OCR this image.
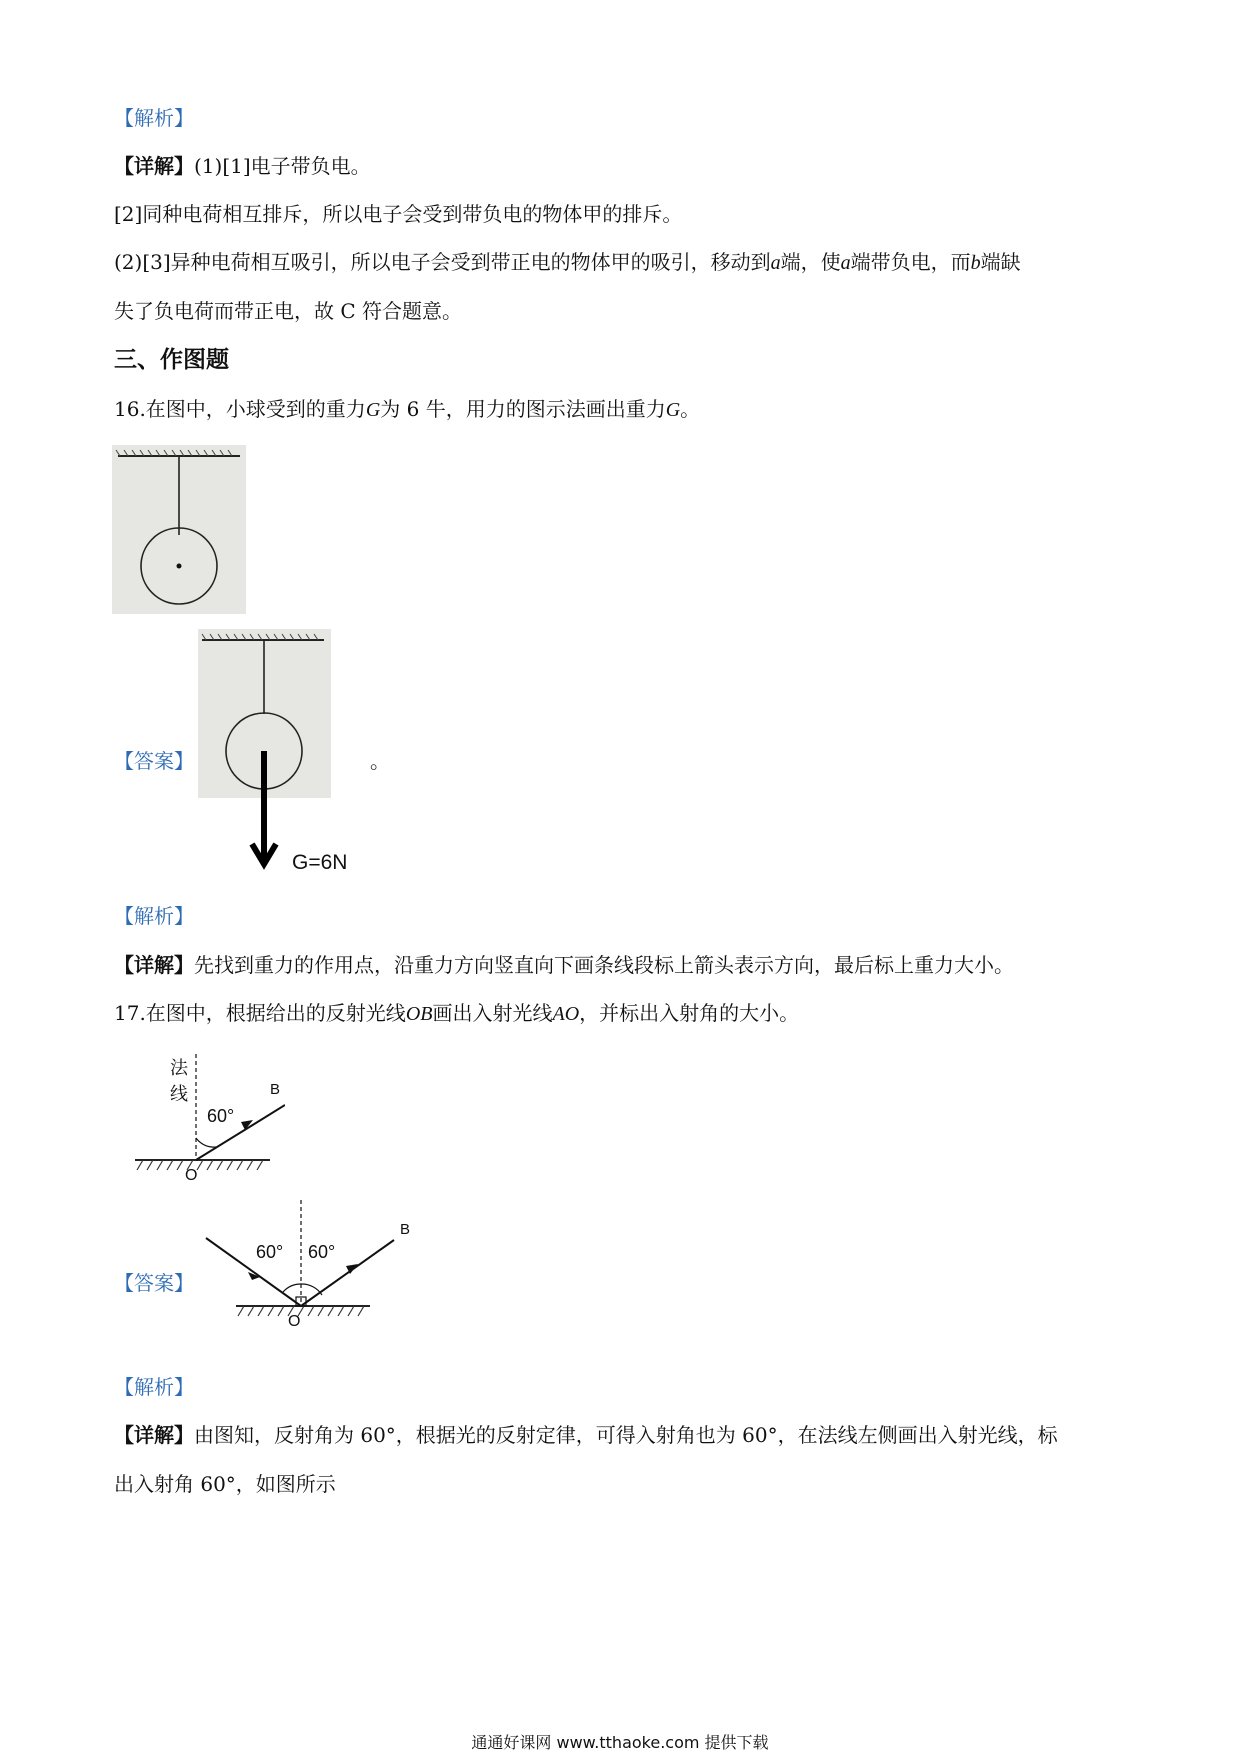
【解析】
【详解】(1)[1]电子带负电。
[2]同种电荷相互排斥，所以电子会受到带负电的物体甲的排斥。
(2)[3]异种电荷相互吸引，所以电子会受到带正电的物体甲的吸引，移动到a端，使a端带负电，而b端缺
失了负电荷而带正电，故 C 符合题意。
三、作图题
16.在图中，小球受到的重力G为 6 牛，用力的图示法画出重力G。
【答案】
G=6N
。
【解析】
【详解】先找到重力的作用点，沿重力方向竖直向下画条线段标上箭头表示方向，最后标上重力大小。
17.在图中，根据给出的反射光线OB画出入射光线AO，并标出入射角的大小。
法
线
60°
B
O
【答案】
60° 60°
B
O
【解析】
【详解】由图知，反射角为 60°，根据光的反射定律，可得入射角也为 60°，在法线左侧画出入射光线，标
出入射角 60°，如图所示
通通好课网 www.tthaoke.com 提供下载
